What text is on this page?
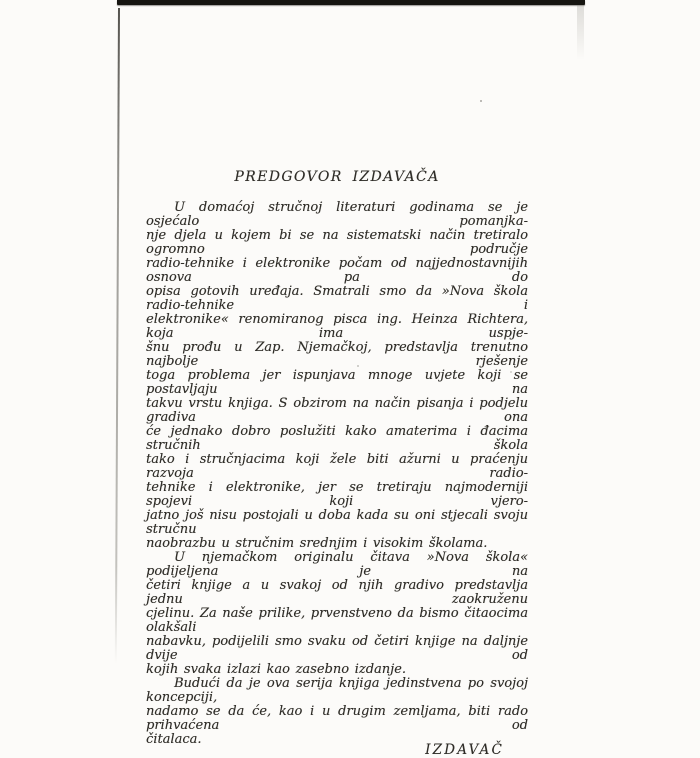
PREDGOVOR IZDAVAČA
U domaćoj stručnoj literaturi godinama se je osjećalo pomanjka-
nje djela u kojem bi se na sistematski način tretiralo ogromno područje
radio-tehnike i elektronike počam od najjednostavnijih osnova pa do
opisa gotovih uređaja. Smatrali smo da »Nova škola radio-tehnike i
elektronike« renomiranog pisca ing. Heinza Richtera, koja ima uspje-
šnu prođu u Zap. Njemačkoj, predstavlja trenutno najbolje rješenje
toga problema jer ispunjava mnoge uvjete koji se postavljaju na
takvu vrstu knjiga. S obzirom na način pisanja i podjelu gradiva ona
će jednako dobro poslužiti kako amaterima i đacima stručnih škola
tako i stručnjacima koji žele biti ažurni u praćenju razvoja radio-
tehnike i elektronike, jer se tretiraju najmoderniji spojevi koji vjero-
jatno još nisu postojali u doba kada su oni stjecali svoju stručnu
naobrazbu u stručnim srednjim i visokim školama.
U njemačkom originalu čitava »Nova škola« podijeljena je na
četiri knjige a u svakoj od njih gradivo predstavlja jednu zaokruženu
cjelinu. Za naše prilike, prvenstveno da bismo čitaocima olakšali
nabavku, podijelili smo svaku od četiri knjige na daljnje dvije od
kojih svaka izlazi kao zasebno izdanje.
Budući da je ova serija knjiga jedinstvena po svojoj koncepciji,
nadamo se da će, kao i u drugim zemljama, biti rado prihvaćena od
čitalaca.
IZDAVAČ
